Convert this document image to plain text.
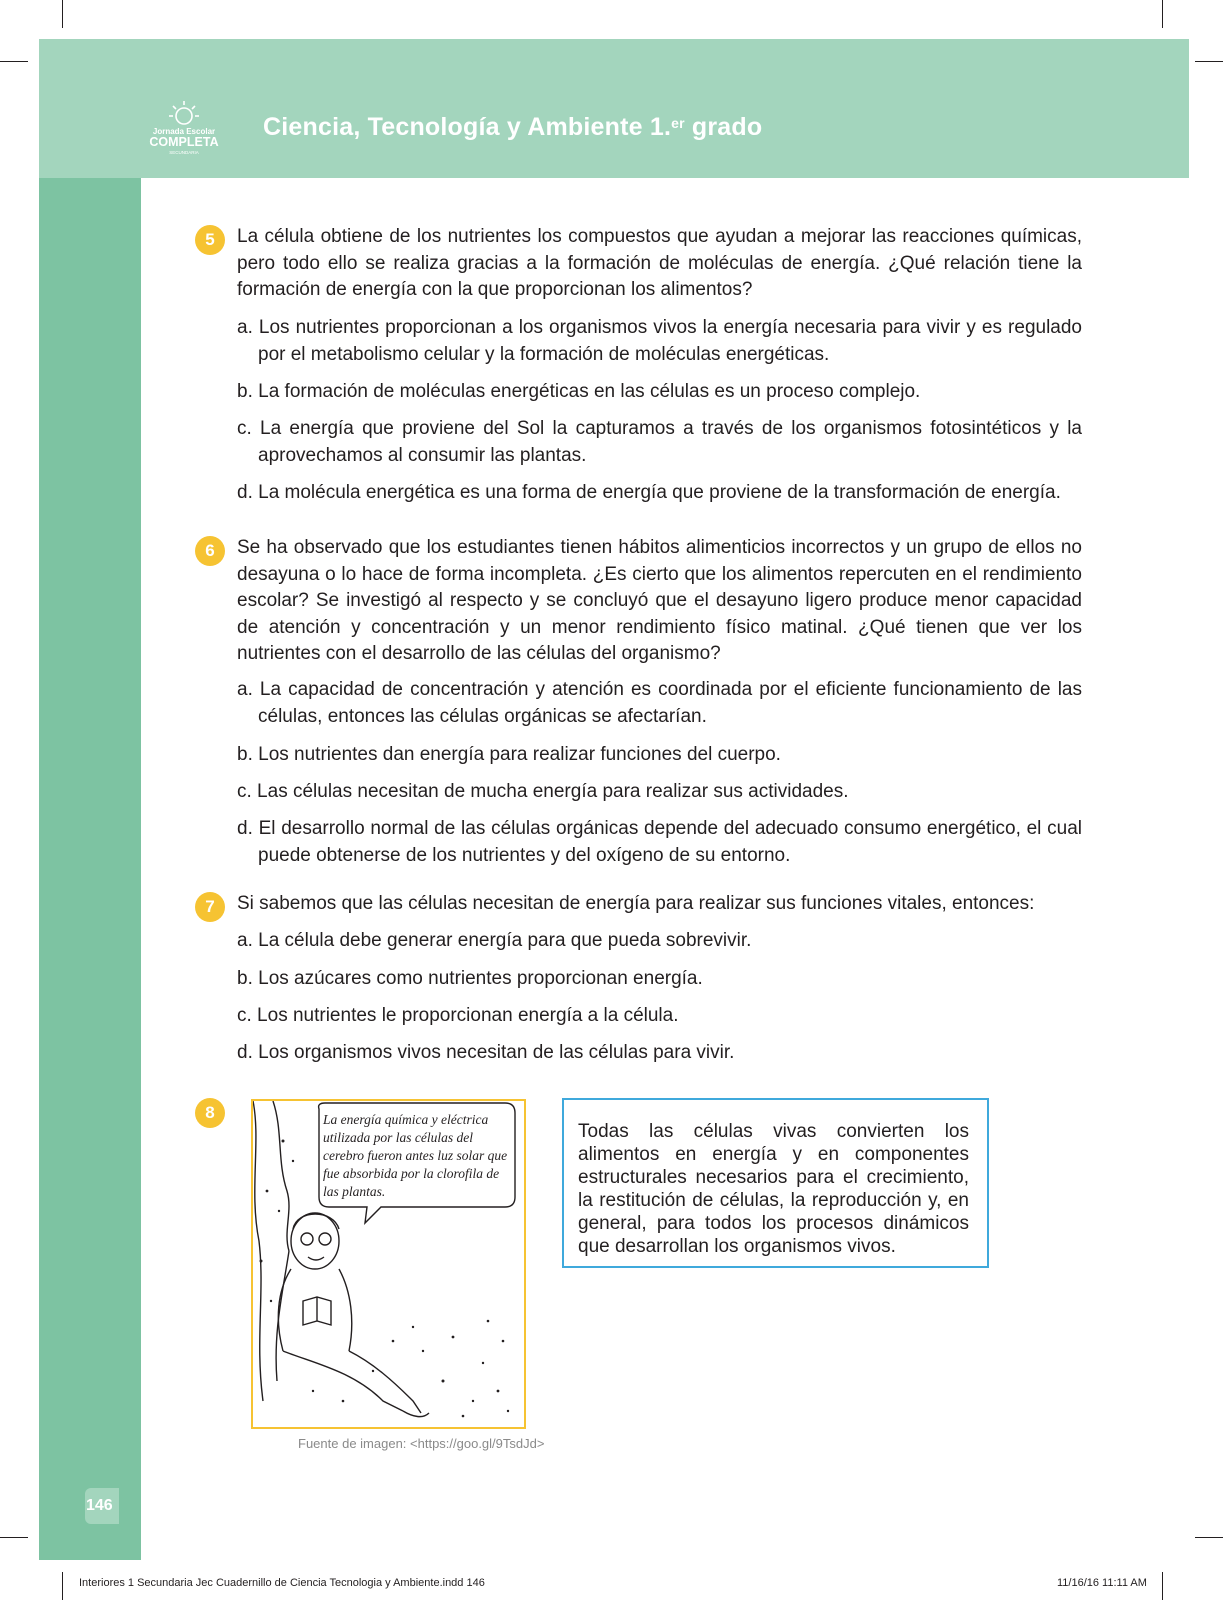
Jornada Escolar
COMPLETA
SECUNDARIA
Ciencia, Tecnología y Ambiente 1.$^{er}$ grado
146
5	La célula obtiene de los nutrientes los compuestos que ayudan a mejorar las reacciones químicas, pero todo ello se realiza gracias a la formación de moléculas de energía. ¿Qué relación tiene la formación de energía con la que proporcionan los alimentos?
a. Los nutrientes proporcionan a los organismos vivos la energía necesaria para vivir y es regulado por el metabolismo celular y la formación de moléculas energéticas.
b. La formación de moléculas energéticas en las células es un proceso complejo.
c. La energía que proviene del Sol la capturamos a través de los organismos fotosintéticos y la aprovechamos al consumir las plantas.
d. La molécula energética es una forma de energía que proviene de la transformación de energía.
6	Se ha observado que los estudiantes tienen hábitos alimenticios incorrectos y un grupo de ellos no desayuna o lo hace de forma incompleta. ¿Es cierto que los alimentos repercuten en el rendimiento escolar? Se investigó al respecto y se concluyó que el desayuno ligero produce menor capacidad de atención y concentración y un menor rendimiento físico matinal. ¿Qué tienen que ver los nutrientes con el desarrollo de las células del organismo?
a. La capacidad de concentración y atención es coordinada por el eficiente funcionamiento de las células, entonces las células orgánicas se afectarían.
b. Los nutrientes dan energía para realizar funciones del cuerpo.
c. Las células necesitan de mucha energía para realizar sus actividades.
d. El desarrollo normal de las células orgánicas depende del adecuado consumo energético, el cual puede obtenerse de los nutrientes y del oxígeno de su entorno.
7	Si sabemos que las células necesitan de energía para realizar sus funciones vitales, entonces:
a. La célula debe generar energía para que pueda sobrevivir.
b. Los azúcares como nutrientes proporcionan energía.
c. Los nutrientes le proporcionan energía a la célula.
d. Los organismos vivos necesitan de las células para vivir.
8	La energía química y eléctrica utilizada por las células del cerebro fueron antes luz solar que fue absorbida por la clorofila de las plantas.
Fuente de imagen: <https://goo.gl/9TsdJd>
Todas las células vivas convierten los alimentos en energía y en componentes estructurales necesarios para el crecimiento, la restitución de células, la reproducción y, en general, para todos los procesos dinámicos que desarrollan los organismos vivos.
Interiores 1 Secundaria Jec Cuadernillo de Ciencia Tecnologia y Ambiente.indd 146	11/16/16 11:11 AM
